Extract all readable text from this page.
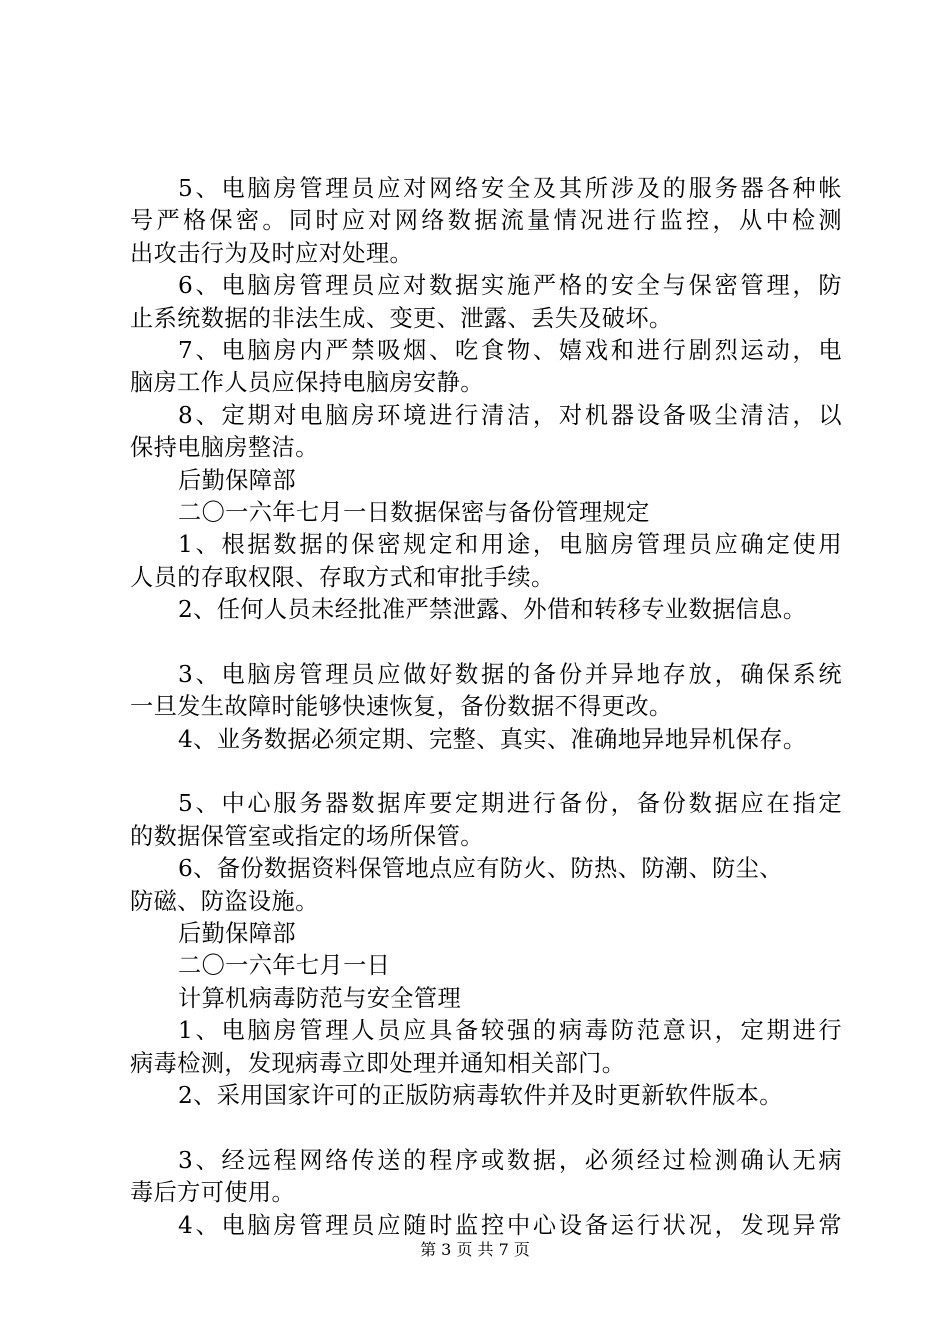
5、电脑房管理员应对网络安全及其所涉及的服务器各种帐
号严格保密。同时应对网络数据流量情况进行监控，从中检测
出攻击行为及时应对处理。
6、电脑房管理员应对数据实施严格的安全与保密管理，防
止系统数据的非法生成、变更、泄露、丢失及破坏。
7、电脑房内严禁吸烟、吃食物、嬉戏和进行剧烈运动，电
脑房工作人员应保持电脑房安静。
8、定期对电脑房环境进行清洁，对机器设备吸尘清洁，以
保持电脑房整洁。
后勤保障部
二〇一六年七月一日数据保密与备份管理规定
1、根据数据的保密规定和用途，电脑房管理员应确定使用
人员的存取权限、存取方式和审批手续。
2、任何人员未经批准严禁泄露、外借和转移专业数据信息。
3、电脑房管理员应做好数据的备份并异地存放，确保系统
一旦发生故障时能够快速恢复，备份数据不得更改。
4、业务数据必须定期、完整、真实、准确地异地异机保存。
5、中心服务器数据库要定期进行备份，备份数据应在指定
的数据保管室或指定的场所保管。
6、备份数据资料保管地点应有防火、防热、防潮、防尘、
防磁、防盗设施。
后勤保障部
二〇一六年七月一日
计算机病毒防范与安全管理
1、电脑房管理人员应具备较强的病毒防范意识，定期进行
病毒检测，发现病毒立即处理并通知相关部门。
2、采用国家许可的正版防病毒软件并及时更新软件版本。
3、经远程网络传送的程序或数据，必须经过检测确认无病
毒后方可使用。
4、电脑房管理员应随时监控中心设备运行状况，发现异常
第 3 页 共 7 页
